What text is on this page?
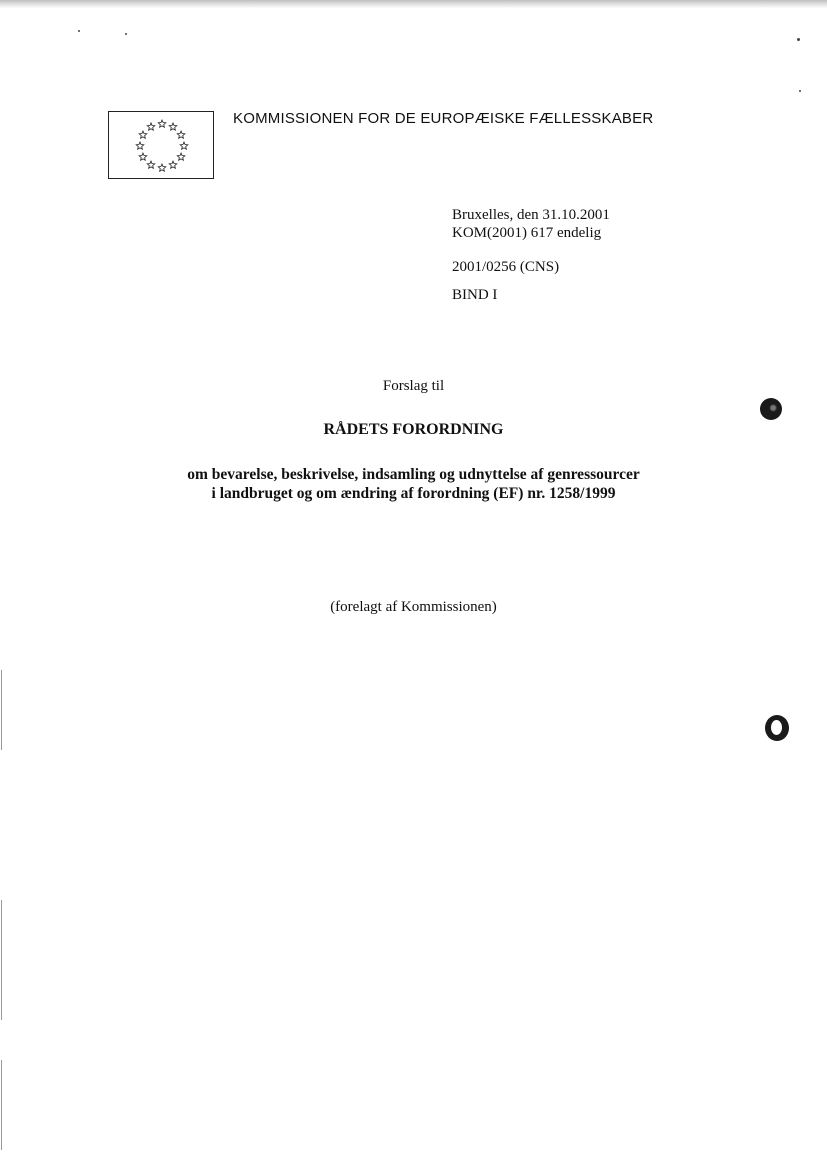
KOMMISSIONEN FOR DE EUROPÆISKE FÆLLESSKABER
Bruxelles, den 31.10.2001
KOM(2001) 617 endelig
2001/0256 (CNS)
BIND I
Forslag til
RÅDETS FORORDNING
om bevarelse, beskrivelse, indsamling og udnyttelse af genressourcer
i landbruget og om ændring af forordning (EF) nr. 1258/1999
(forelagt af Kommissionen)
